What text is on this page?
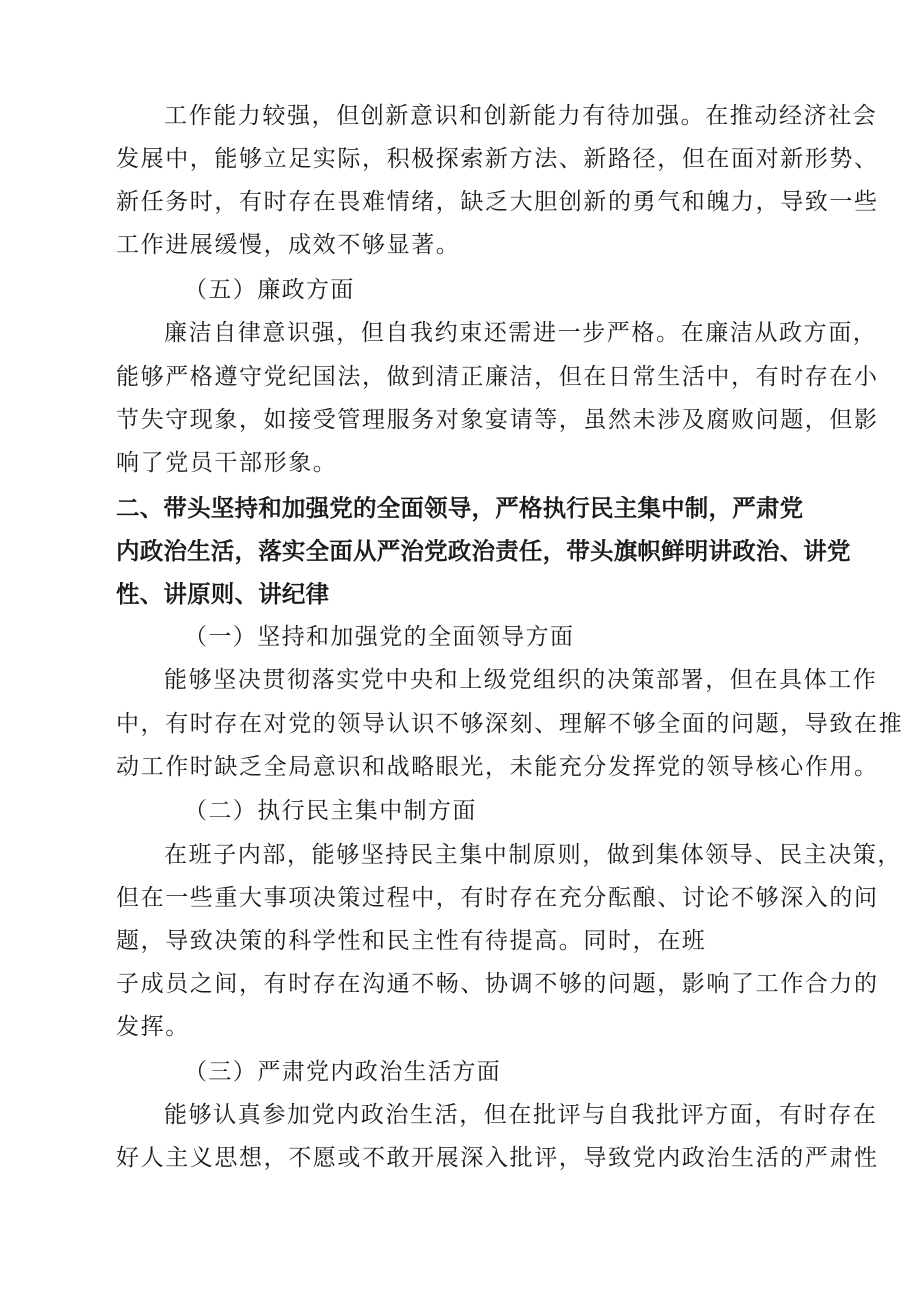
工作能力较强，但创新意识和创新能力有待加强。在推动经济社会
发展中，能够立足实际，积极探索新方法、新路径，但在面对新形势、
新任务时，有时存在畏难情绪，缺乏大胆创新的勇气和魄力，导致一些
工作进展缓慢，成效不够显著。
（五）廉政方面
廉洁自律意识强，但自我约束还需进一步严格。在廉洁从政方面，
能够严格遵守党纪国法，做到清正廉洁，但在日常生活中，有时存在小
节失守现象，如接受管理服务对象宴请等，虽然未涉及腐败问题，但影
响了党员干部形象。
二、带头坚持和加强党的全面领导，严格执行民主集中制，严肃党
内政治生活，落实全面从严治党政治责任，带头旗帜鲜明讲政治、讲党
性、讲原则、讲纪律
（一）坚持和加强党的全面领导方面
能够坚决贯彻落实党中央和上级党组织的决策部署，但在具体工作
中，有时存在对党的领导认识不够深刻、理解不够全面的问题，导致在推
动工作时缺乏全局意识和战略眼光，未能充分发挥党的领导核心作用。
（二）执行民主集中制方面
在班子内部，能够坚持民主集中制原则，做到集体领导、民主决策，
但在一些重大事项决策过程中，有时存在充分酝酿、讨论不够深入的问
题，导致决策的科学性和民主性有待提高。同时，在班
子成员之间，有时存在沟通不畅、协调不够的问题，影响了工作合力的
发挥。
（三）严肃党内政治生活方面
能够认真参加党内政治生活，但在批评与自我批评方面，有时存在
好人主义思想，不愿或不敢开展深入批评，导致党内政治生活的严肃性
